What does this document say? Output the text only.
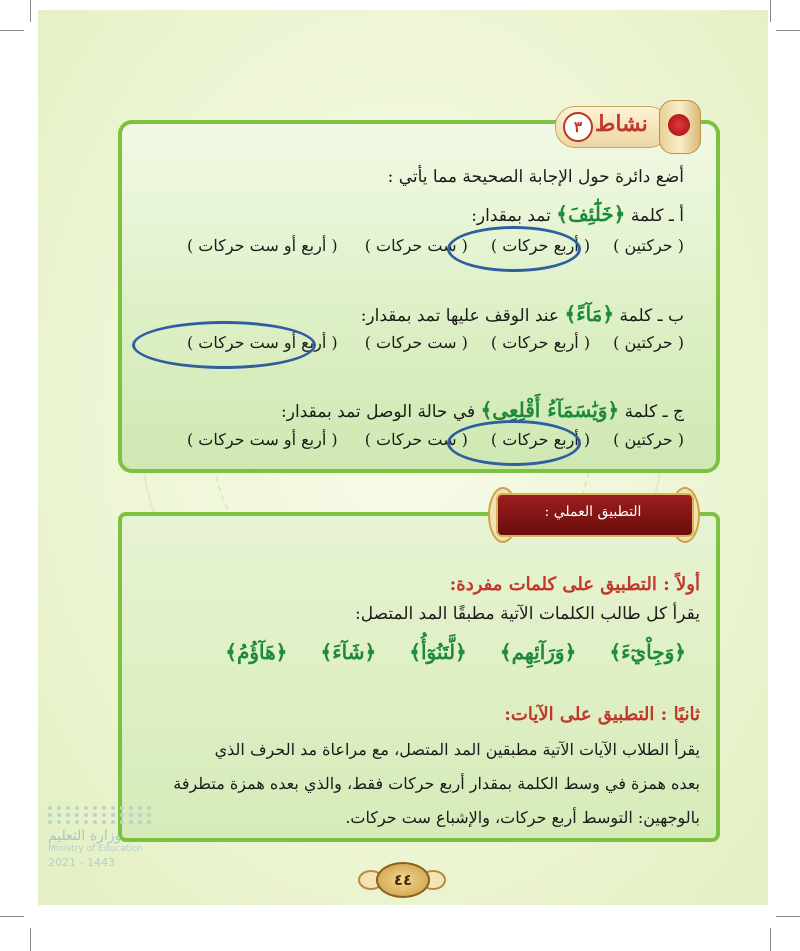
٣ نشاط
أضع دائرة حول الإجابة الصحيحة مما يأتي :
أ ـ كلمة ﴿خَلَٰٓئِفَ﴾ تمد بمقدار:
( حركتين ) ( أربع حركات ) ( ست حركات ) ( أربع أو ست حركات )
ب ـ كلمة ﴿مَآءً﴾ عند الوقف عليها تمد بمقدار:
( حركتين ) ( أربع حركات ) ( ست حركات ) ( أربع أو ست حركات )
ج ـ كلمة ﴿وَيَٰسَمَآءُ أَقْلِعِى﴾ في حالة الوصل تمد بمقدار:
( حركتين ) ( أربع حركات ) ( ست حركات ) ( أربع أو ست حركات )
التطبيق العملي :
أولاً : التطبيق على كلمات مفردة:
يقرأ كل طالب الكلمات الآتية مطبقًا المد المتصل:
﴿وَجِاْيٓءَ﴾ ﴿وَرَآئِهِم﴾ ﴿لَّتَنُوٓأُ﴾ ﴿شَآءَ﴾ ﴿هَآؤُمُ﴾
ثانيًا : التطبيق على الآيات:
يقرأ الطلاب الآيات الآتية مطبقين المد المتصل، مع مراعاة مد الحرف الذي
بعده همزة في وسط الكلمة بمقدار أربع حركات فقط، والذي بعده همزة متطرفة
بالوجهين: التوسط أربع حركات، والإشباع ست حركات.
وزارة التعليم
Ministry of Education
2021 - 1443
٤٤
